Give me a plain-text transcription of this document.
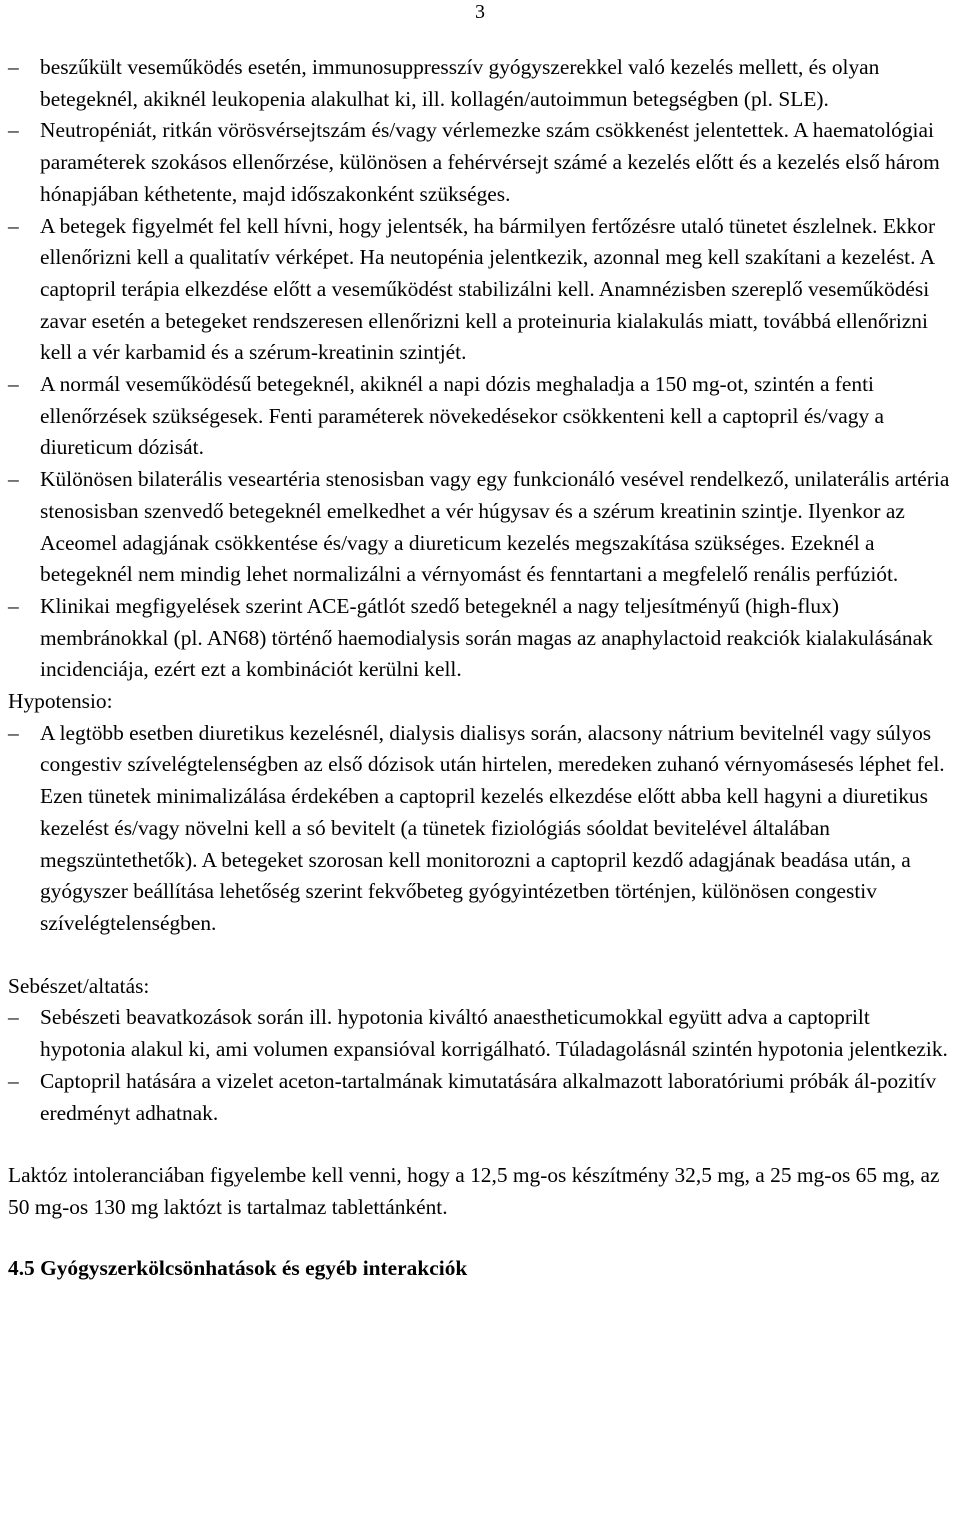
3

–	beszűkült veseműködés esetén, immunosuppresszív gyógyszerekkel való kezelés mellett, és olyan betegeknél, akiknél leukopenia alakulhat ki, ill. kollagén/autoimmun betegségben (pl. SLE).

–	Neutropéniát, ritkán vörösvérsejtszám és/vagy vérlemezke szám csökkenést jelentettek. A haematológiai paraméterek szokásos ellenőrzése, különösen a fehérvérsejt számé a kezelés előtt és a kezelés első három hónapjában kéthetente, majd időszakonként szükséges.

–	A betegek figyelmét fel kell hívni, hogy jelentsék, ha bármilyen fertőzésre utaló tünetet észlelnek. Ekkor ellenőrizni kell a qualitatív vérképet. Ha neutopénia jelentkezik, azonnal meg kell szakítani a kezelést. A captopril terápia elkezdése előtt a veseműködést stabilizálni kell. Anamnézisben szereplő veseműködési zavar esetén a betegeket rendszeresen ellenőrizni kell a proteinuria kialakulás miatt, továbbá ellenőrizni kell a vér karbamid és a szérum-kreatinin szintjét.

–	A normál veseműködésű betegeknél, akiknél a napi dózis meghaladja a 150 mg-ot, szintén a fenti ellenőrzések szükségesek. Fenti paraméterek növekedésekor csökkenteni kell a captopril és/vagy a diureticum dózisát.

–	Különösen bilaterális veseartéria stenosisban vagy egy funkcionáló vesével rendelkező, unilaterális artéria stenosisban szenvedő betegeknél emelkedhet a vér húgysav és a szérum kreatinin szintje. Ilyenkor az Aceomel adagjának csökkentése és/vagy a diureticum kezelés megszakítása szükséges. Ezeknél a betegeknél nem mindig lehet normalizálni a vérnyomást és fenntartani a megfelelő renális perfúziót.

–	Klinikai megfigyelések szerint ACE-gátlót szedő betegeknél a nagy teljesítményű (high-flux) membránokkal (pl. AN68) történő haemodialysis során magas az anaphylactoid reakciók kialakulásának incidenciája, ezért ezt a kombinációt kerülni kell.

Hypotensio:

–	A legtöbb esetben diuretikus kezelésnél, dialysis dialisys során, alacsony nátrium bevitelnél vagy súlyos congestiv szívelégtelenségben az első dózisok után hirtelen, meredeken zuhanó vérnyomásesés léphet fel. Ezen tünetek minimalizálása érdekében a captopril kezelés elkezdése előtt abba kell hagyni a diuretikus kezelést és/vagy növelni kell a só bevitelt (a tünetek fiziológiás sóoldat bevitelével általában megszüntethetők). A betegeket szorosan kell monitorozni a captopril kezdő adagjának beadása után, a gyógyszer beállítása lehetőség szerint fekvőbeteg gyógyintézetben történjen, különösen congestiv szívelégtelenségben.

Sebészet/altatás:

–	Sebészeti beavatkozások során ill. hypotonia kiváltó anaestheticumokkal együtt adva a captoprilt hypotonia alakul ki, ami volumen expansióval korrigálható. Túladagolásnál szintén hypotonia jelentkezik.

–	Captopril hatására a vizelet aceton-tartalmának kimutatására alkalmazott laboratóriumi próbák ál-pozitív eredményt adhatnak.

Laktóz intoleranciában figyelembe kell venni, hogy a 12,5 mg-os készítmény 32,5 mg, a 25 mg-os 65 mg, az 50 mg-os 130 mg laktózt is tartalmaz tablettánként.

4.5 Gyógyszerkölcsönhatások és egyéb interakciók
